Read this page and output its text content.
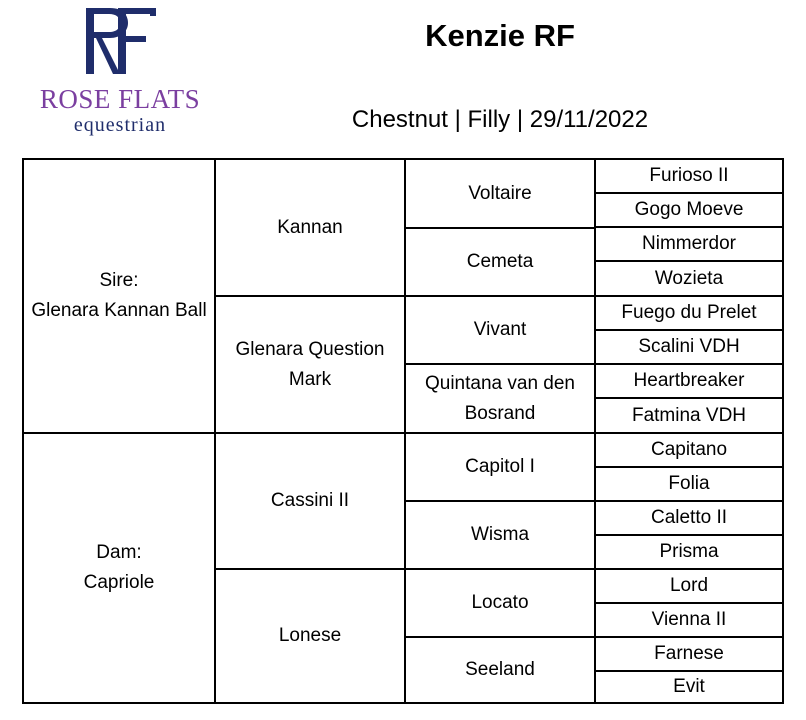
ROSE FLATS
equestrian
Kenzie RF
Chestnut | Filly | 29/11/2022
Sire:
Glenara Kannan Ball
Dam:
Capriole
Kannan
Glenara Question Mark
Cassini II
Lonese
Voltaire
Cemeta
Vivant
Quintana van den Bosrand
Capitol I
Wisma
Locato
Seeland
Furioso II
Gogo Moeve
Nimmerdor
Wozieta
Fuego du Prelet
Scalini VDH
Heartbreaker
Fatmina VDH
Capitano
Folia
Caletto II
Prisma
Lord
Vienna II
Farnese
Evit
